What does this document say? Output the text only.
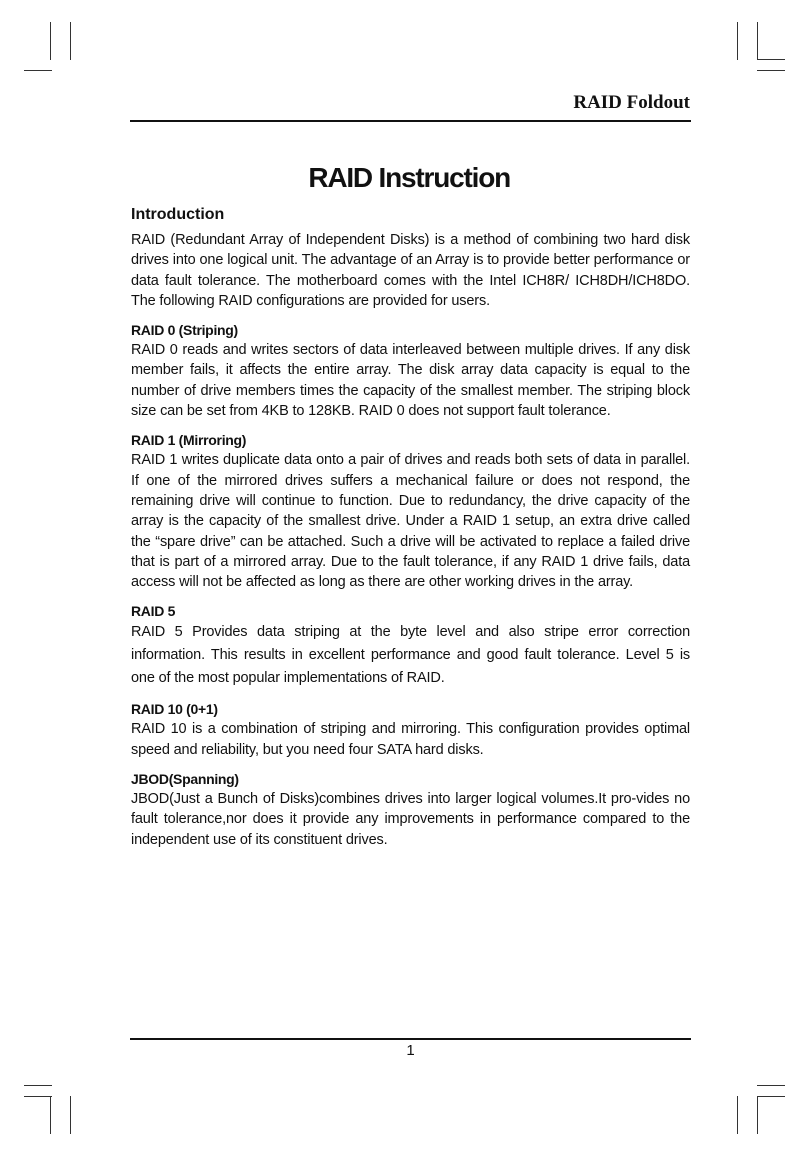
RAID Foldout
RAID Instruction
Introduction

RAID (Redundant Array of Independent Disks) is a method of combining two hard disk drives into one logical unit. The advantage of an Array is to provide better performance or data fault tolerance. The motherboard comes with the Intel ICH8R/ ICH8DH/ICH8DO. The following RAID configurations are provided for users.

RAID 0 (Striping)

RAID 0 reads and writes sectors of data interleaved between multiple drives. If any disk member fails, it affects the entire array. The disk array data capacity is equal to the number of drive members times the capacity of the smallest member. The striping block size can be set from 4KB to 128KB. RAID 0 does not support fault tolerance.

RAID 1 (Mirroring)

RAID 1 writes duplicate data onto a pair of drives and reads both sets of data in parallel. If one of the mirrored drives suffers a mechanical failure or does not respond, the remaining drive will continue to function. Due to redundancy, the drive capacity of the array is the capacity of the smallest drive. Under a RAID 1 setup, an extra drive called the “spare drive” can be attached. Such a drive will be activated to replace a failed drive that is part of a mirrored array. Due to the fault tolerance, if any RAID 1 drive fails, data access will not be affected as long as there are other working drives in the array.

RAID 5

RAID 5 Provides data striping at the byte level and also stripe error correction information. This results in excellent performance and good fault tolerance. Level 5 is one of the most popular implementations of RAID.

RAID 10 (0+1)

RAID 10 is a combination of striping and mirroring. This configuration provides optimal speed and reliability, but you need four SATA hard disks.

JBOD(Spanning)

JBOD(Just a Bunch of Disks)combines drives into larger logical volumes.It pro-vides no fault tolerance,nor does it provide any improvements in performance compared to the independent use of its constituent drives.

1
